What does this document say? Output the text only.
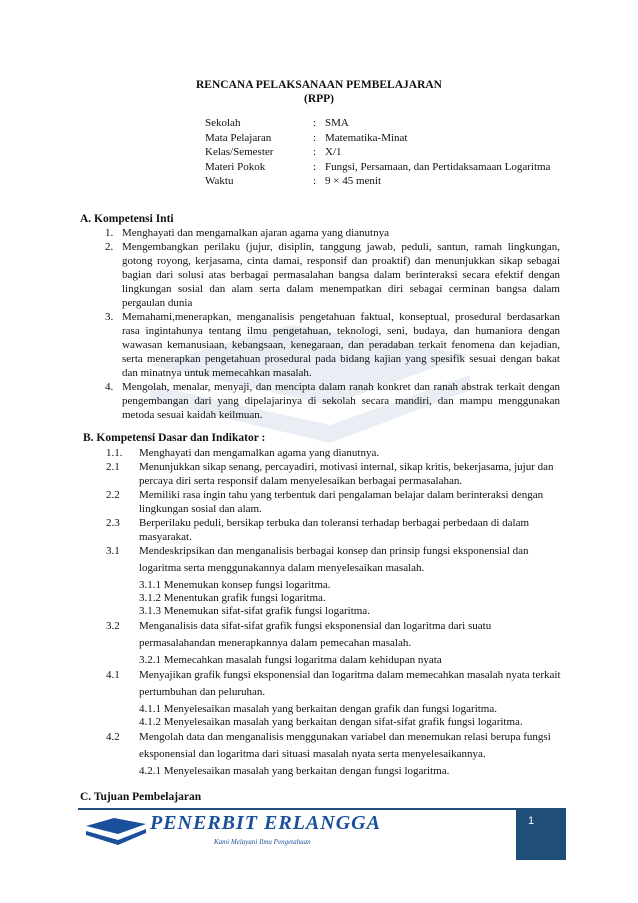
RENCANA PELAKSANAAN PEMBELAJARAN
(RPP)
Sekolah	:	SMA
Mata Pelajaran	:	Matematika-Minat
Kelas/Semester	:	X/1
Materi Pokok	:	Fungsi, Persamaan, dan Pertidaksamaan Logaritma
Waktu	:	9 × 45 menit
A. Kompetensi Inti
1. Menghayati dan mengamalkan ajaran agama yang dianutnya
2. Mengembangkan perilaku (jujur, disiplin, tanggung jawab, peduli, santun, ramah lingkungan, gotong royong, kerjasama, cinta damai, responsif dan proaktif) dan menunjukkan sikap sebagai bagian dari solusi atas berbagai permasalahan bangsa dalam berinteraksi secara efektif dengan lingkungan sosial dan alam serta dalam menempatkan diri sebagai cerminan bangsa dalam pergaulan dunia
3. Memahami,menerapkan, menganalisis pengetahuan faktual, konseptual, prosedural berdasarkan rasa ingintahunya tentang ilmu pengetahuan, teknologi, seni, budaya, dan humaniora dengan wawasan kemanusiaan, kebangsaan, kenegaraan, dan peradaban terkait fenomena dan kejadian, serta menerapkan pengetahuan prosedural pada bidang kajian yang spesifik sesuai dengan bakat dan minatnya untuk memecahkan masalah.
4. Mengolah, menalar, menyaji, dan mencipta dalam ranah konkret dan ranah abstrak terkait dengan pengembangan dari yang dipelajarinya di sekolah secara mandiri, dan mampu menggunakan metoda sesuai kaidah keilmuan.
B. Kompetensi Dasar dan Indikator :
1.1. Menghayati dan mengamalkan agama yang dianutnya.
2.1 Menunjukkan sikap senang, percayadiri, motivasi internal, sikap kritis, bekerjasama, jujur dan percaya diri serta responsif dalam menyelesaikan berbagai permasalahan.
2.2 Memiliki rasa ingin tahu yang terbentuk dari pengalaman belajar dalam berinteraksi dengan lingkungan sosial dan alam.
2.3 Berperilaku peduli, bersikap terbuka dan toleransi terhadap berbagai perbedaan di dalam masyarakat.
3.1 Mendeskripsikan dan menganalisis berbagai konsep dan prinsip fungsi eksponensial dan logaritma serta menggunakannya dalam menyelesaikan masalah.
3.1.1 Menemukan konsep fungsi logaritma.
3.1.2 Menentukan grafik fungsi logaritma.
3.1.3 Menemukan sifat-sifat grafik fungsi logaritma.
3.2 Menganalisis data sifat-sifat grafik fungsi eksponensial dan logaritma dari suatu permasalahandan menerapkannya dalam pemecahan masalah.
3.2.1 Memecahkan masalah fungsi logaritma dalam kehidupan nyata
4.1 Menyajikan grafik fungsi eksponensial dan logaritma dalam memecahkan masalah nyata terkait pertumbuhan dan peluruhan.
4.1.1 Menyelesaikan masalah yang berkaitan dengan grafik dan fungsi logaritma.
4.1.2 Menyelesaikan masalah yang berkaitan dengan sifat-sifat grafik fungsi logaritma.
4.2 Mengolah data dan menganalisis menggunakan variabel dan menemukan relasi berupa fungsi eksponensial dan logaritma dari situasi masalah nyata serta menyelesaikannya.
4.2.1 Menyelesaikan masalah yang berkaitan dengan fungsi logaritma.
C. Tujuan Pembelajaran
1
PENERBIT ERLANGGA
Kami Melayani Ilmu Pengetahuan
